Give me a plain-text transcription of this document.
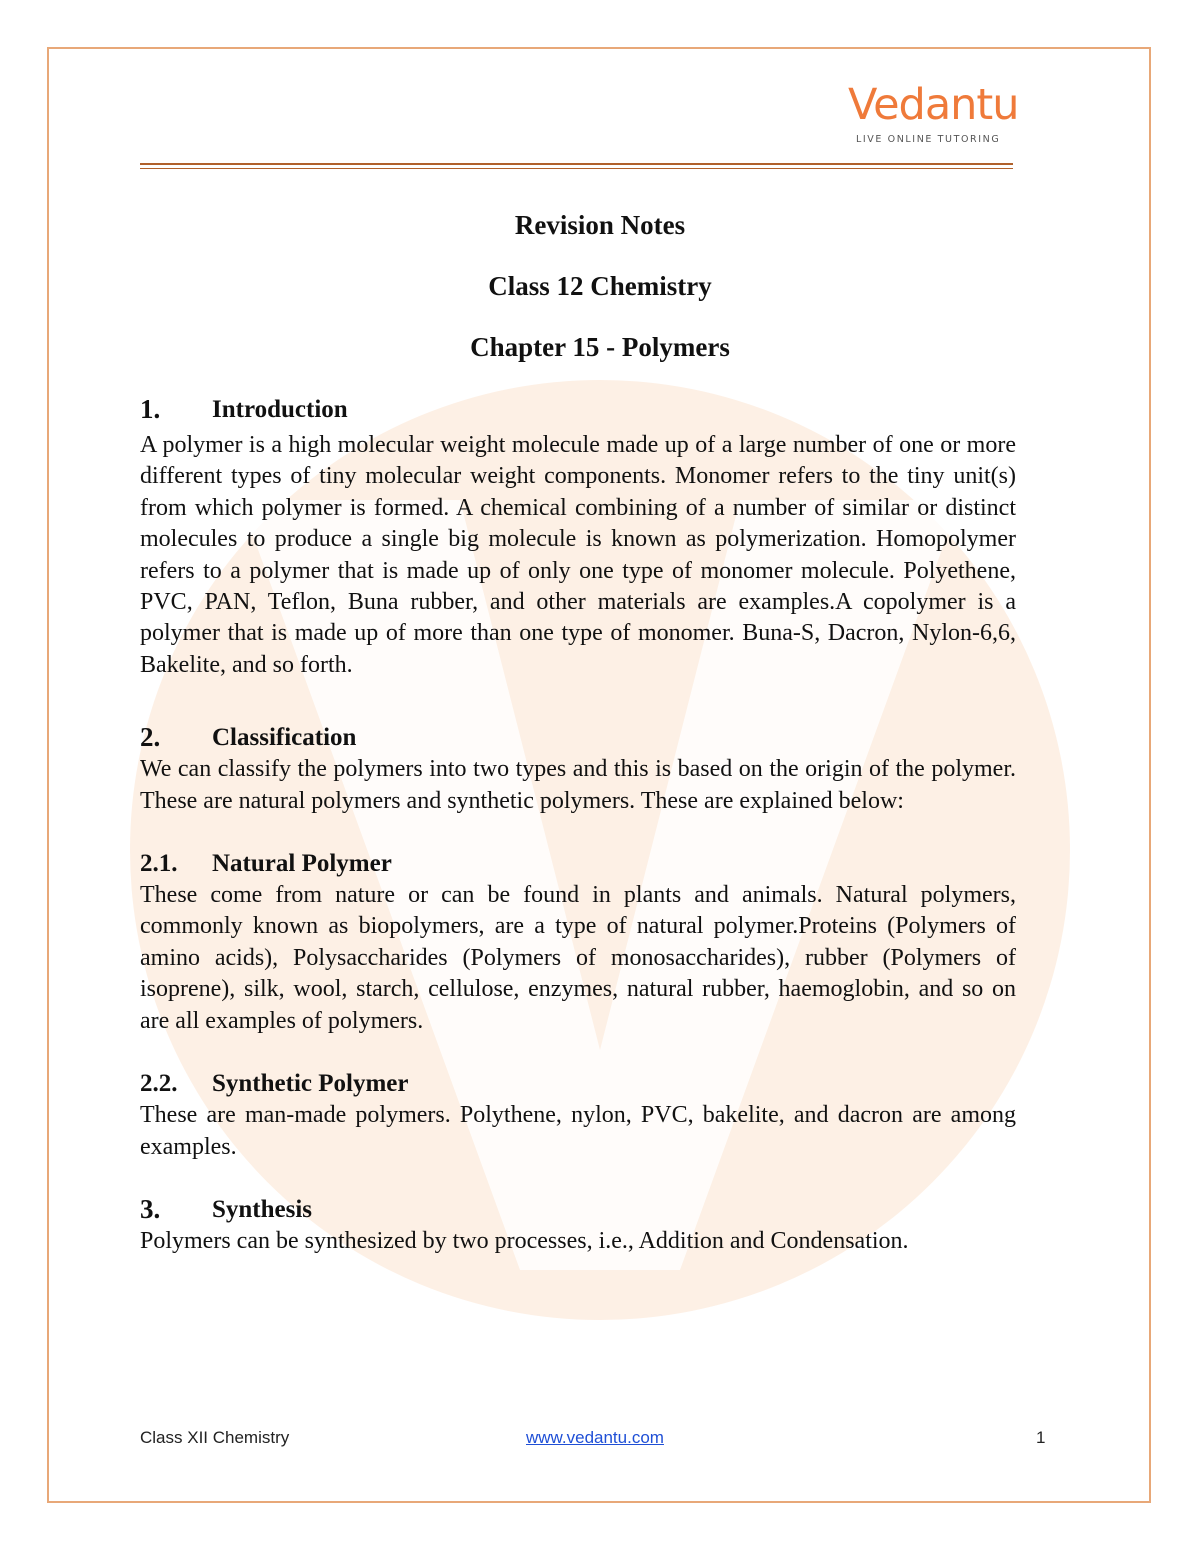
Vedantu
LIVE ONLINE TUTORING
Revision Notes
Class 12 Chemistry
Chapter 15 - Polymers
1. Introduction

A polymer is a high molecular weight molecule made up of a large number of one or more different types of tiny molecular weight components. Monomer refers to the tiny unit(s) from which polymer is formed. A chemical combining of a number of similar or distinct molecules to produce a single big molecule is known as polymerization. Homopolymer refers to a polymer that is made up of only one type of monomer molecule. Polyethene, PVC, PAN, Teflon, Buna rubber, and other materials are examples.A copolymer is a polymer that is made up of more than one type of monomer. Buna-S, Dacron, Nylon-6,6, Bakelite, and so forth.

2. Classification

We can classify the polymers into two types and this is based on the origin of the polymer. These are natural polymers and synthetic polymers. These are explained below:

2.1. Natural Polymer

These come from nature or can be found in plants and animals. Natural polymers, commonly known as biopolymers, are a type of natural polymer.Proteins (Polymers of amino acids), Polysaccharides (Polymers of monosaccharides), rubber (Polymers of isoprene), silk, wool, starch, cellulose, enzymes, natural rubber, haemoglobin, and so on are all examples of polymers.

2.2. Synthetic Polymer

These are man-made polymers. Polythene, nylon, PVC, bakelite, and dacron are among examples.

3. Synthesis

Polymers can be synthesized by two processes, i.e., Addition and Condensation.

Class XII Chemistry	www.vedantu.com	1
